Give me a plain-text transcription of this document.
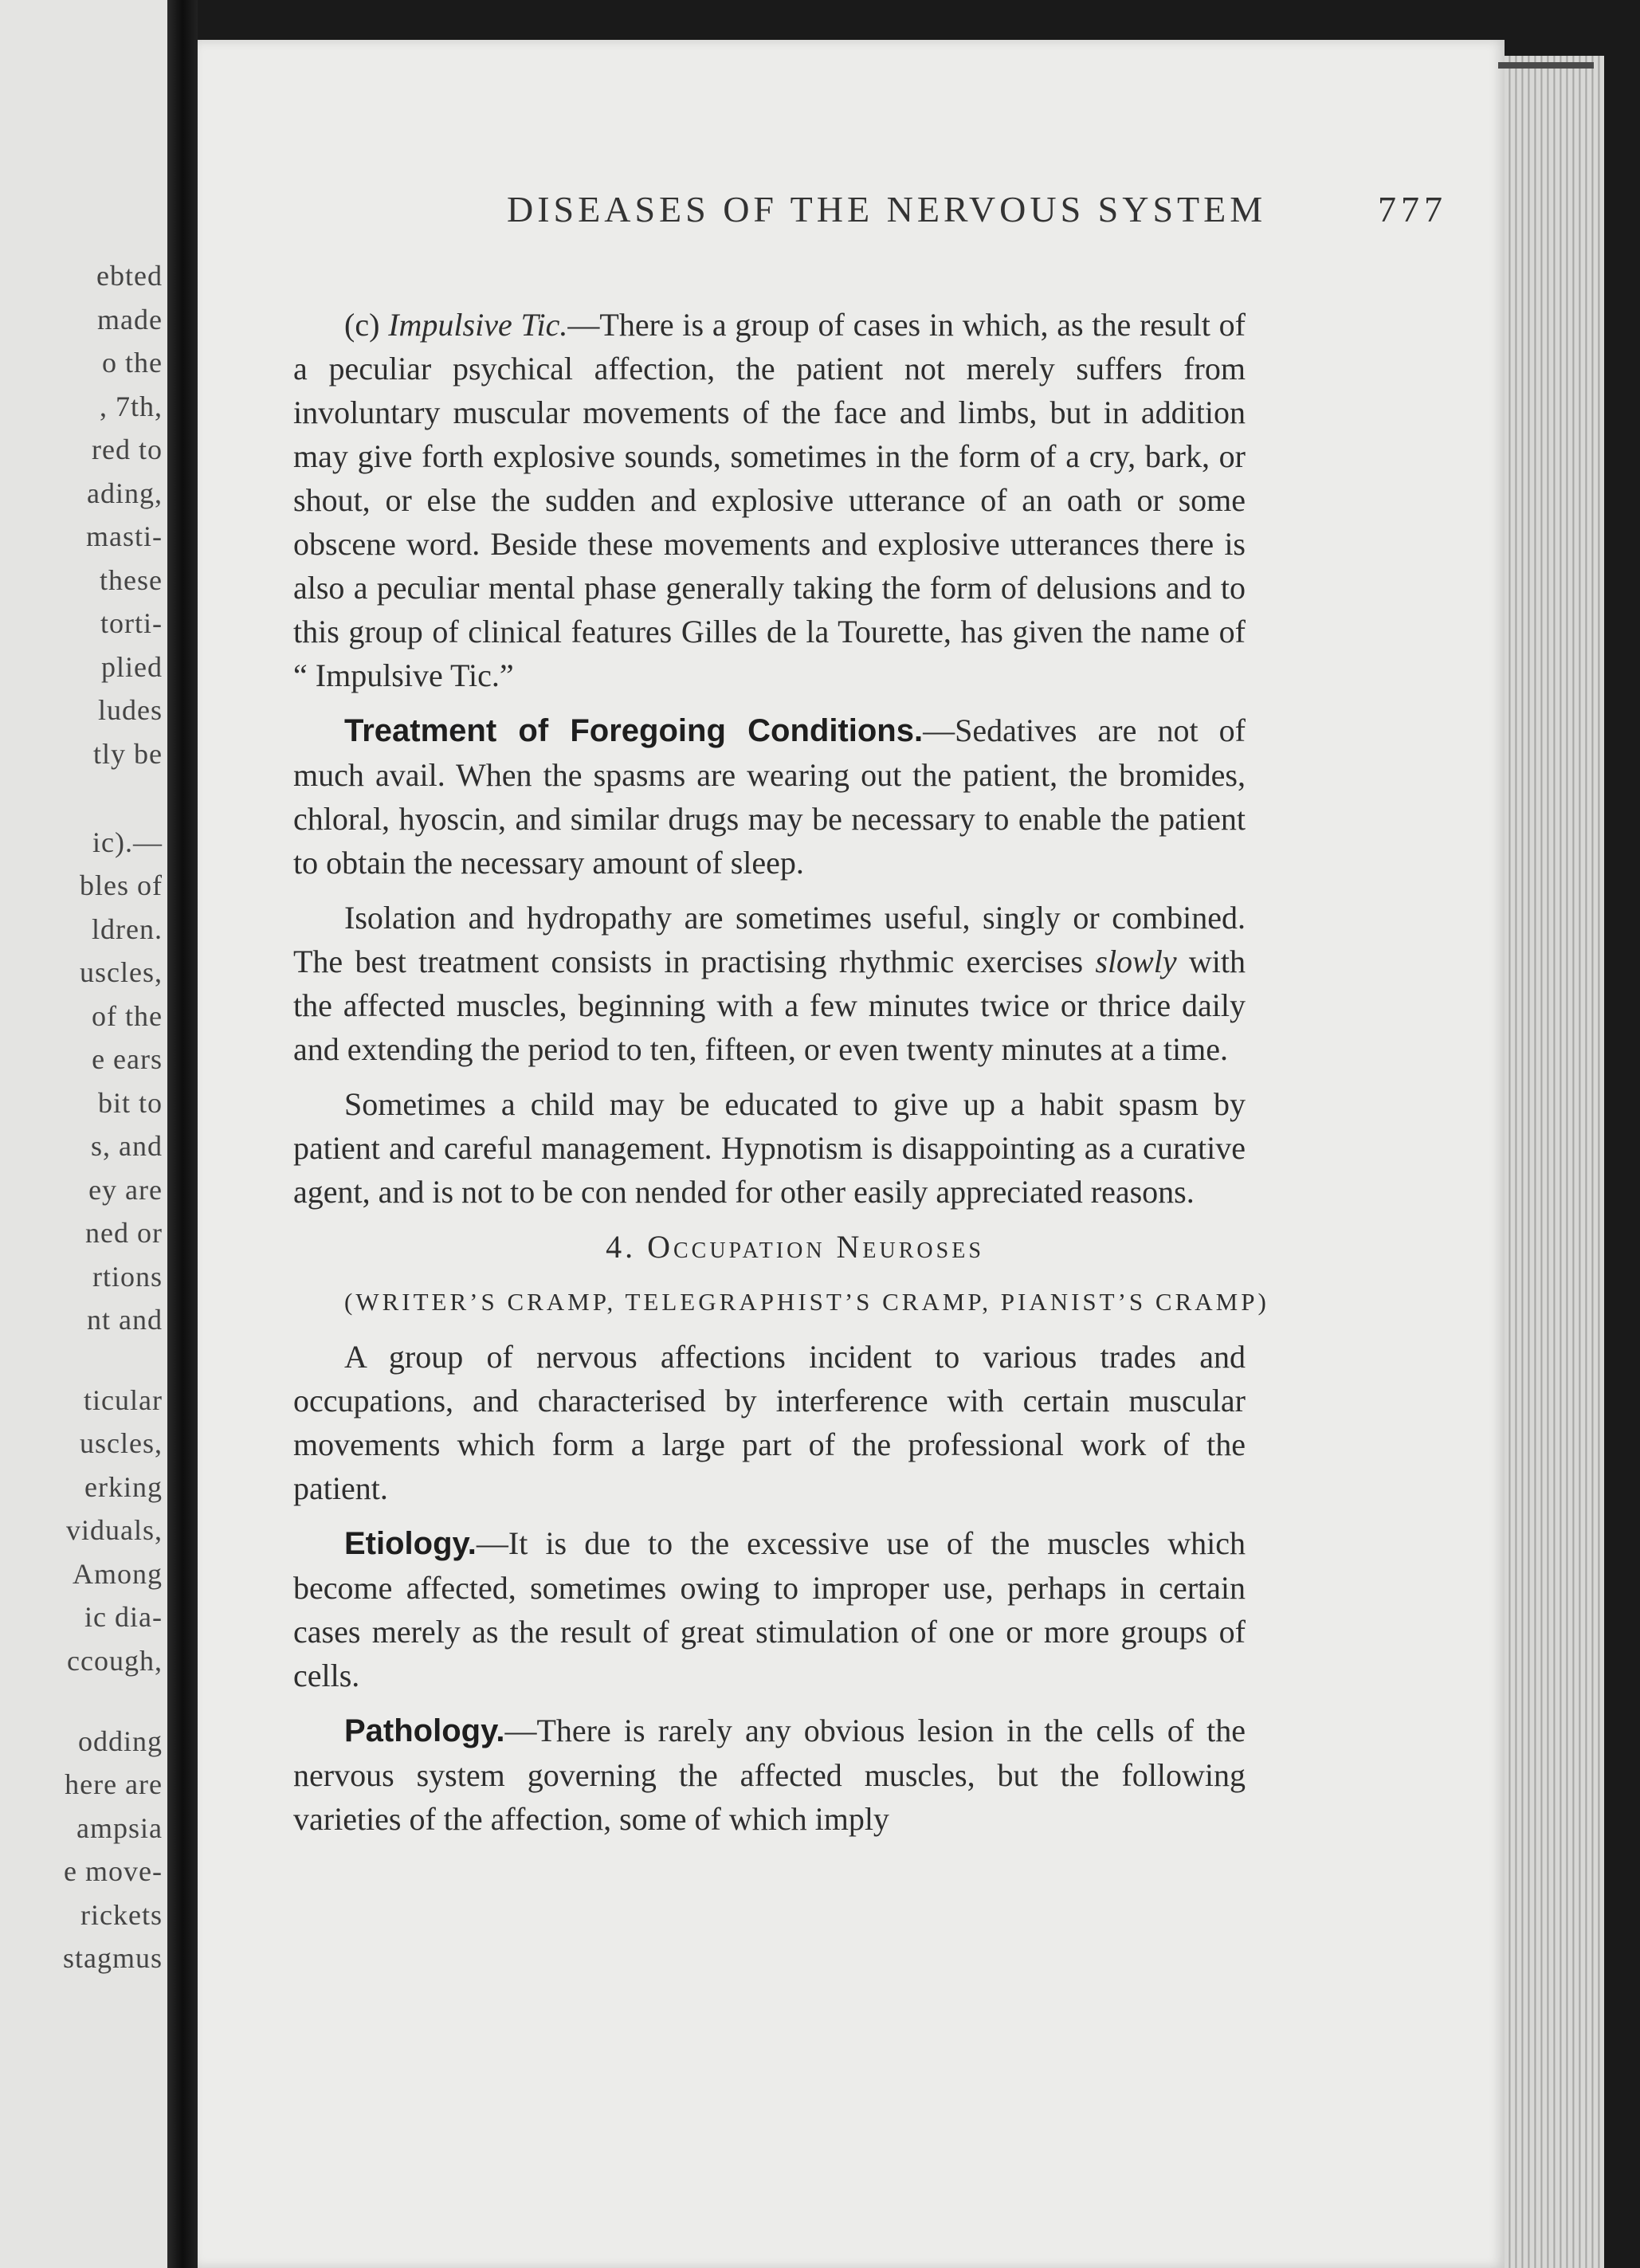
ebted
made
o the
, 7th,
red to
ading,
masti-
these
torti-
plied
ludes
tly be
ic).—
bles of
ldren.
uscles,
of the
e ears
bit to
s, and
ey are
ned or
rtions
nt and
ticular
uscles,
erking
viduals,
Among
ic dia-
ccough,
odding
here are
ampsia
e move-
rickets
stagmus
DISEASES OF THE NERVOUS SYSTEM	777

(c) Impulsive Tic.—There is a group of cases in which, as the result of a peculiar psychical affection, the patient not merely suffers from involuntary muscular movements of the face and limbs, but in addition may give forth explosive sounds, sometimes in the form of a cry, bark, or shout, or else the sudden and explosive utterance of an oath or some obscene word. Beside these movements and explosive utterances there is also a peculiar mental phase generally taking the form of delusions and to this group of clinical features Gilles de la Tourette, has given the name of “ Impulsive Tic.”

Treatment of Foregoing Conditions.—Sedatives are not of much avail. When the spasms are wearing out the patient, the bromides, chloral, hyoscin, and similar drugs may be necessary to enable the patient to obtain the necessary amount of sleep.

Isolation and hydropathy are sometimes useful, singly or combined. The best treatment consists in practising rhythmic exercises slowly with the affected muscles, beginning with a few minutes twice or thrice daily and extending the period to ten, fifteen, or even twenty minutes at a time.

Sometimes a child may be educated to give up a habit spasm by patient and careful management. Hypnotism is disappointing as a curative agent, and is not to be con nended for other easily appreciated reasons.

4. Occupation Neuroses

(WRITER’S CRAMP, TELEGRAPHIST’S CRAMP, PIANIST’S CRAMP)

A group of nervous affections incident to various trades and occupations, and characterised by interference with certain muscular movements which form a large part of the professional work of the patient.

Etiology.—It is due to the excessive use of the muscles which become affected, sometimes owing to improper use, perhaps in certain cases merely as the result of great stimulation of one or more groups of cells.

Pathology.—There is rarely any obvious lesion in the cells of the nervous system governing the affected muscles, but the following varieties of the affection, some of which imply
